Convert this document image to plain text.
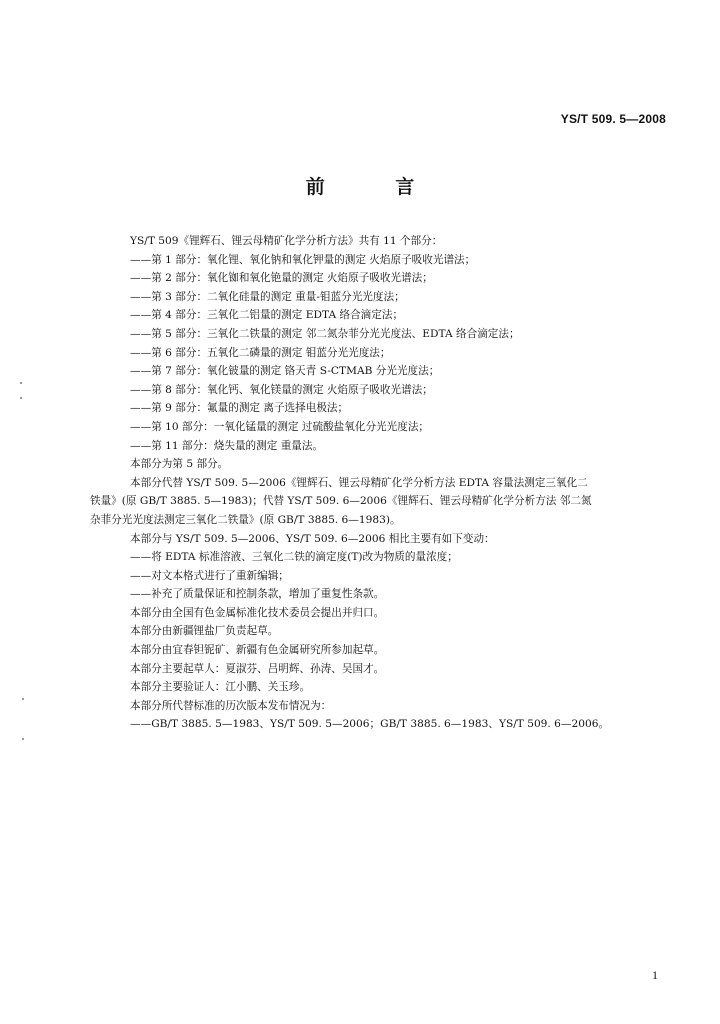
YS/T 509. 5—2008
前 言
YS/T 509《锂辉石、锂云母精矿化学分析方法》共有 11 个部分：
——第 1 部分：氧化锂、氧化钠和氧化钾量的测定 火焰原子吸收光谱法；
——第 2 部分：氧化铷和氧化铯量的测定 火焰原子吸收光谱法；
——第 3 部分：二氧化硅量的测定 重量-钼蓝分光光度法；
——第 4 部分：三氧化二铝量的测定 EDTA 络合滴定法；
——第 5 部分：三氧化二铁量的测定 邻二氮杂菲分光光度法、EDTA 络合滴定法；
——第 6 部分：五氧化二磷量的测定 钼蓝分光光度法；
——第 7 部分：氧化铍量的测定 铬天青 S-CTMAB 分光光度法；
——第 8 部分：氧化钙、氧化镁量的测定 火焰原子吸收光谱法；
——第 9 部分：氟量的测定 离子选择电极法；
——第 10 部分：一氧化锰量的测定 过硫酸盐氧化分光光度法；
——第 11 部分：烧失量的测定 重量法。
本部分为第 5 部分。
本部分代替 YS/T 509. 5—2006《锂辉石、锂云母精矿化学分析方法 EDTA 容量法测定三氧化二
铁量》(原 GB/T 3885. 5—1983)；代替 YS/T 509. 6—2006《锂辉石、锂云母精矿化学分析方法 邻二氮
杂菲分光光度法测定三氧化二铁量》(原 GB/T 3885. 6—1983)。
本部分与 YS/T 509. 5—2006、YS/T 509. 6—2006 相比主要有如下变动：
——将 EDTA 标准溶液、三氧化二铁的滴定度(T)改为物质的量浓度；
——对文本格式进行了重新编辑；
——补充了质量保证和控制条款，增加了重复性条款。
本部分由全国有色金属标准化技术委员会提出并归口。
本部分由新疆锂盐厂负责起草。
本部分由宜春钽铌矿、新疆有色金属研究所参加起草。
本部分主要起草人：夏淑芬、吕明辉、孙涛、吴国才。
本部分主要验证人：江小鹏、关玉珍。
本部分所代替标准的历次版本发布情况为：
——GB/T 3885. 5—1983、YS/T 509. 5—2006；GB/T 3885. 6—1983、YS/T 509. 6—2006。
1
